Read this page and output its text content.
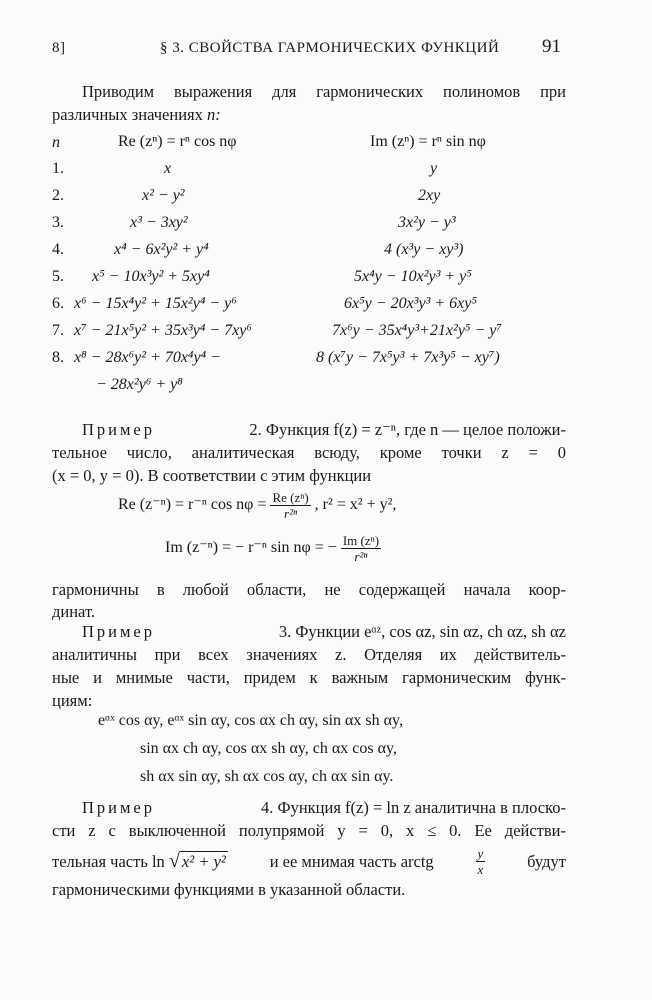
8]	§ 3. СВОЙСТВА ГАРМОНИЧЕСКИХ ФУНКЦИЙ 91
Приводим выражения для гармонических полиномов при
различных значениях n:
n	Re (zⁿ) = rⁿ cos nφ	Im (zⁿ) = rⁿ sin nφ
1.	x	y
2.	x² − y²	2xy
3.	x³ − 3xy²	3x²y − y³
4.	x⁴ − 6x²y² + y⁴	4 (x³y − xy³)
5. x⁵ − 10x³y² + 5xy⁴	5x⁴y − 10x²y³ + y⁵
6. x⁶ − 15x⁴y² + 15x²y⁴ − y⁶	6x⁵y − 20x³y³ + 6xy⁵
7. x⁷ − 21x⁵y² + 35x³y⁴ − 7xy⁶	7x⁶y − 35x⁴y³+21x²y⁵ − y⁷
8. x⁸ − 28x⁶y² + 70x⁴y⁴ −	8 (x⁷y − 7x⁵y³ + 7x³y⁵ − xy⁷)
− 28x²y⁶ + y⁸
Пример	2. Функция f(z) = z⁻ⁿ, где n — целое положи-
тельное число, аналитическая всюду, кроме точки z = 0
(x = 0, y = 0). В соответствии с этим функции
Re (z⁻ⁿ) = r⁻ⁿ $\cos n\varphi = \frac{\text{Re (zⁿ)}}{\text{r²ⁿ}}$ , r² = x² + y²,
Im (z⁻ⁿ) = − r⁻ⁿ sin nφ = − $\frac{\text{Im (zⁿ)}}{\text{r²ⁿ}}$
гармоничны в любой области, не содержащей начала коор-
динат.
Пример	3. Функции eᵅᶻ, cos αz, sin αz, ch αz, sh αz
аналитичны при всех значениях z. Отделяя их действитель-
ные и мнимые части, придем к важным гармоническим функ-
циям:
eᵅˣ cos αy, eᵅˣ sin αy, cos αx ch αy, sin αx sh αy,
sin αx ch αy, cos αx sh αy, ch αx cos αy,
sh αx sin αy, sh αx cos αy, ch αx sin αy.
Пример	4. Функция f(z) = ln z аналитична в плоско-
сти z с выключенной полупрямой y = 0, x ≤ 0. Ее действи-
тельная часть ln √ x² + y²	и ее мнимая часть arctg	$\frac{y}{x}$	будут
гармоническими функциями в указанной области.
